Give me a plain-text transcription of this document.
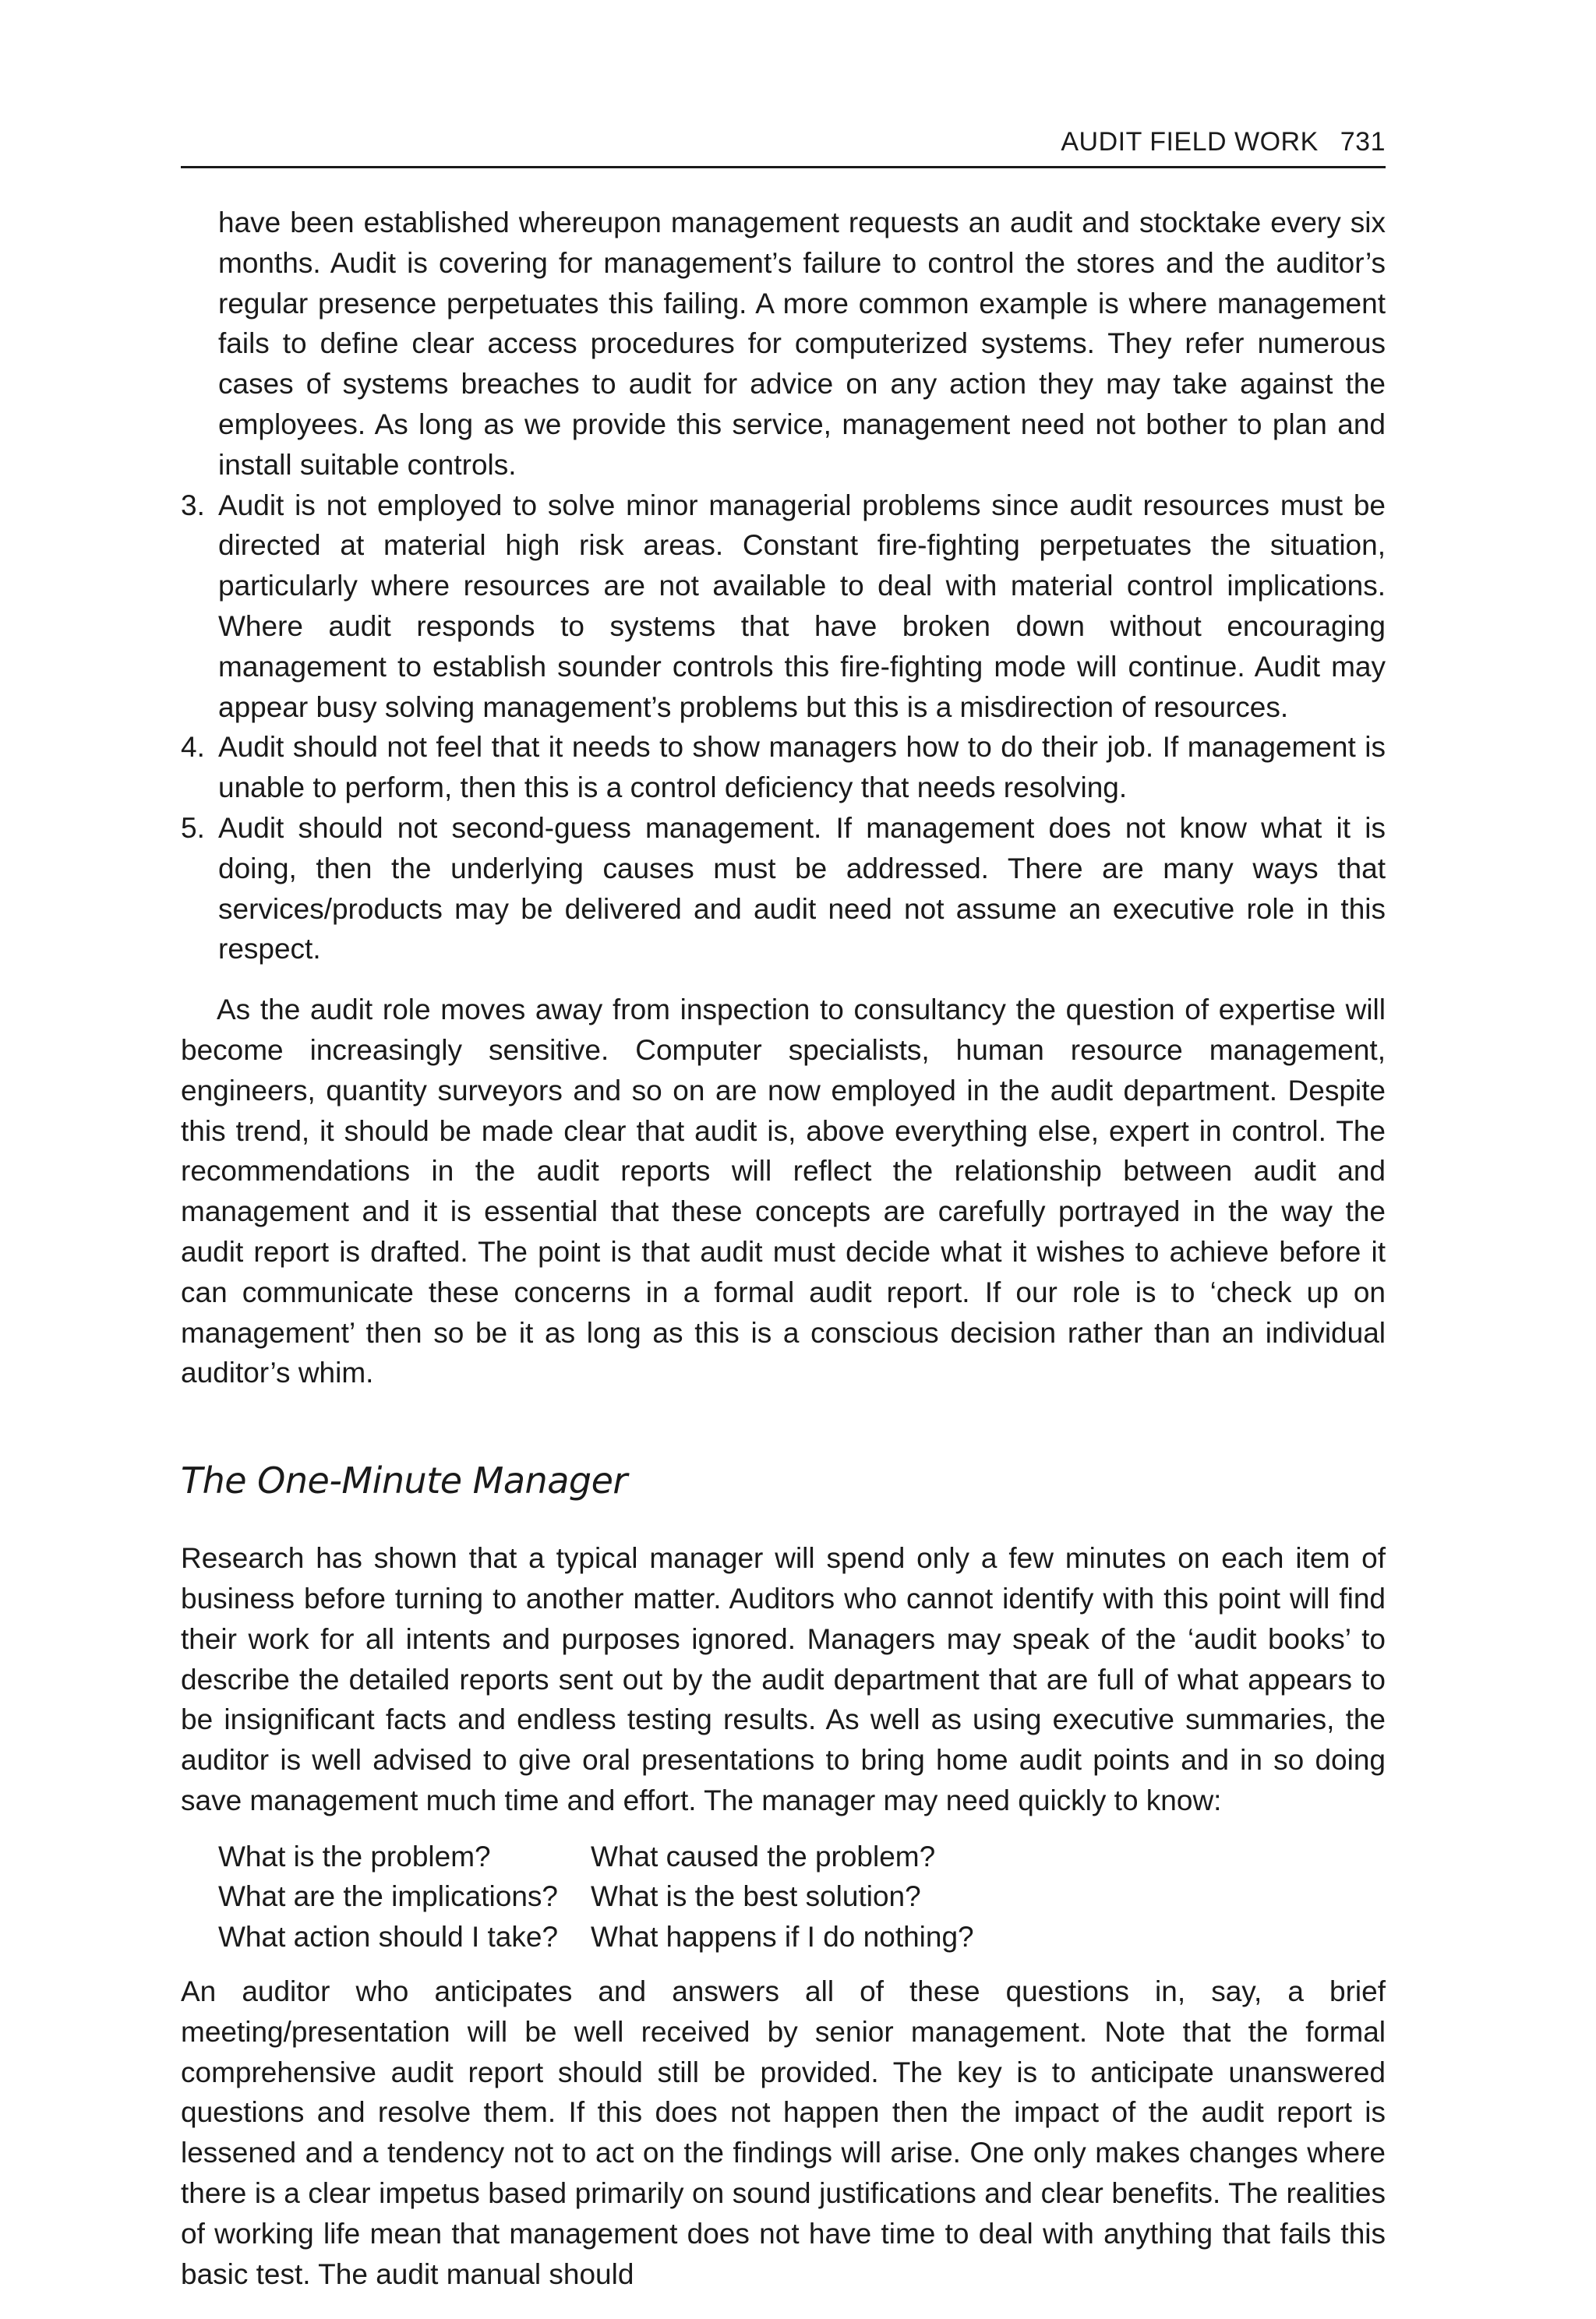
AUDIT FIELD WORK 731

have been established whereupon management requests an audit and stocktake every six months. Audit is covering for management’s failure to control the stores and the auditor’s regular presence perpetuates this failing. A more common example is where management fails to define clear access procedures for computerized systems. They refer numerous cases of systems breaches to audit for advice on any action they may take against the employees. As long as we provide this service, management need not bother to plan and install suitable controls.

3. Audit is not employed to solve minor managerial problems since audit resources must be directed at material high risk areas. Constant fire-fighting perpetuates the situation, particularly where resources are not available to deal with material control implications. Where audit responds to systems that have broken down without encouraging management to establish sounder controls this fire-fighting mode will continue. Audit may appear busy solving management’s problems but this is a misdirection of resources.
4. Audit should not feel that it needs to show managers how to do their job. If management is unable to perform, then this is a control deficiency that needs resolving.
5. Audit should not second-guess management. If management does not know what it is doing, then the underlying causes must be addressed. There are many ways that services/products may be delivered and audit need not assume an executive role in this respect.

As the audit role moves away from inspection to consultancy the question of expertise will become increasingly sensitive. Computer specialists, human resource management, engineers, quantity surveyors and so on are now employed in the audit department. Despite this trend, it should be made clear that audit is, above everything else, expert in control. The recommendations in the audit reports will reflect the relationship between audit and management and it is essential that these concepts are carefully portrayed in the way the audit report is drafted. The point is that audit must decide what it wishes to achieve before it can communicate these concerns in a formal audit report. If our role is to ‘check up on management’ then so be it as long as this is a conscious decision rather than an individual auditor’s whim.

The One-Minute Manager

Research has shown that a typical manager will spend only a few minutes on each item of business before turning to another matter. Auditors who cannot identify with this point will find their work for all intents and purposes ignored. Managers may speak of the ‘audit books’ to describe the detailed reports sent out by the audit department that are full of what appears to be insignificant facts and endless testing results. As well as using executive summaries, the auditor is well advised to give oral presentations to bring home audit points and in so doing save management much time and effort. The manager may need quickly to know:

What is the problem?	What caused the problem?
What are the implications?	What is the best solution?
What action should I take?	What happens if I do nothing?

An auditor who anticipates and answers all of these questions in, say, a brief meeting/presentation will be well received by senior management. Note that the formal comprehensive audit report should still be provided. The key is to anticipate unanswered questions and resolve them. If this does not happen then the impact of the audit report is lessened and a tendency not to act on the findings will arise. One only makes changes where there is a clear impetus based primarily on sound justifications and clear benefits. The realities of working life mean that management does not have time to deal with anything that fails this basic test. The audit manual should
